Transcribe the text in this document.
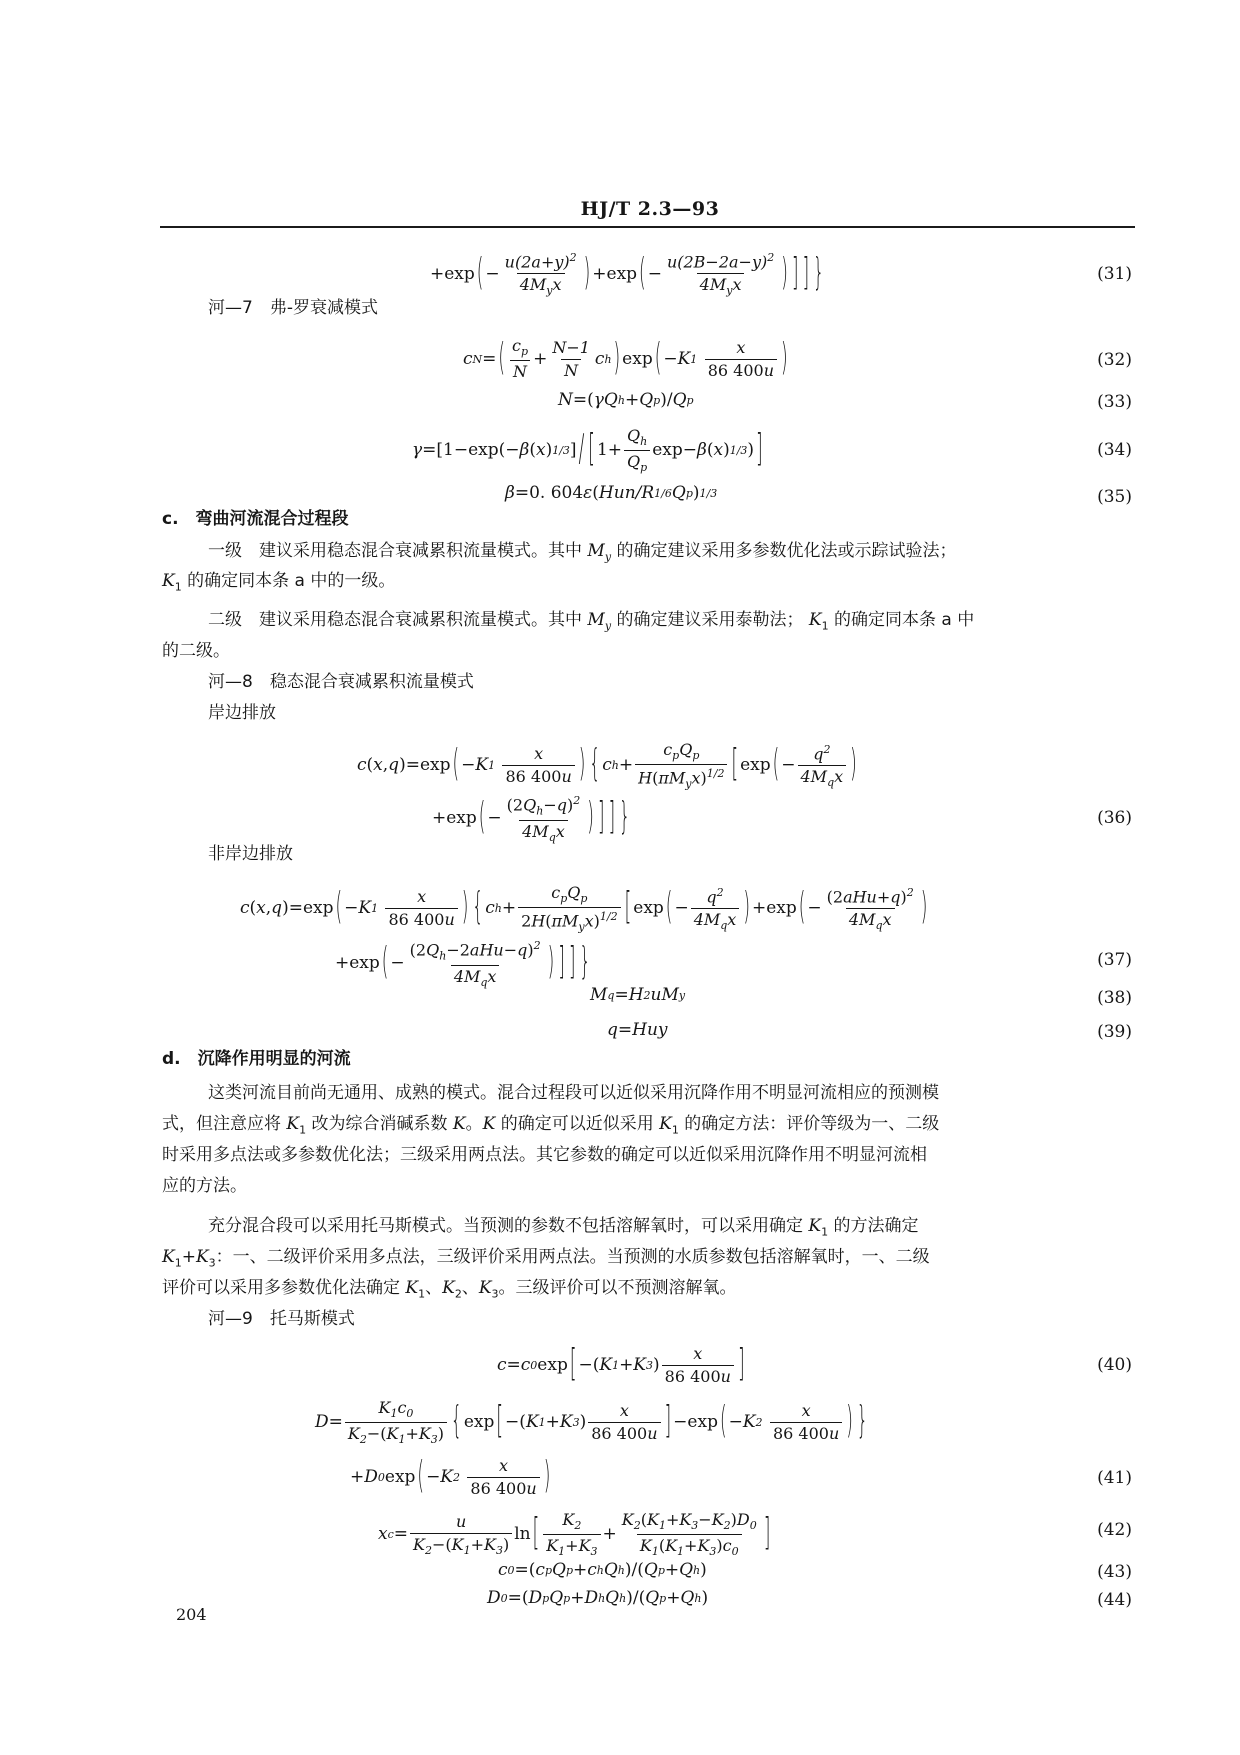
HJ/T 2.3—93
+exp ( − $\frac{u(2a+y)^2}{4M_yx}$ ) +exp ( − $\frac{u(2B-2a-y)^2}{4M_yx}$ ) ] ] }	(31)
河—7　弗-罗衰减模式
c N = ( $\frac{c_p}{N} + \frac{N-1}{N}$ c h ) exp ( −K 1
$\frac{x}{86 400u}$ )	(32)
N= ( γQ h +Q p )/ Q p	(33)
γ= [1−exp(− β ( x ) 1/3 ] / [ $1+ \frac{Q_h}{Q_p} \exp- \beta$ ( x ) 1/3 ) ]	(34)
β= 0. 604 ε ( Hun/R 1/6 Q p ) 1/3	(35)
c.　弯曲河流混合过程段
一级　建议采用稳态混合衰减累积流量模式。其中 $M_y$ 的确定建议采用多参数优化法或示踪试验法；
$K_1$ 的确定同本条 a 中的一级。
二级　建议采用稳态混合衰减累积流量模式。其中 $M_y$ 的确定建议采用泰勒法； $K_1$ 的确定同本条 a 中
的二级。
河—8　稳态混合衰减累积流量模式
岸边排放
c ( x , q )=exp ( −K 1
$\frac{x}{86 400u}$ ) { c $h + \frac{c_pQ_p}{H(\pi M_yx)^{1/2}}$ [ exp ( − $\frac{q^2}{4M_qx}$ )
+exp ( − $\frac{(2Q_h-q)^2}{4M_qx}$ ) ] ] }	(36)
非岸边排放
c ( x , q )=exp ( −K 1
$\frac{x}{86 400u}$ ) { c $h + \frac{c_pQ_p}{2H(\pi M_yx)^{1/2}}$ [ exp ( − $\frac{q^2}{4M_qx}$ ) +exp ( − $\frac{(2aHu+q)^2}{4M_qx}$ )
+exp ( − $\frac{(2Q_h-2aHu-q)^2}{4M_qx}$ ) ] ] }	(37)
M q =H 2 uM y	(38)
q=Huy	(39)
d.　沉降作用明显的河流
这类河流目前尚无通用、成熟的模式。混合过程段可以近似采用沉降作用不明显河流相应的预测模
式，但注意应将 $K_1$ 改为综合消碱系数 K。K 的确定可以近似采用 $K_1$ 的确定方法：评价等级为一、二级
时采用多点法或多参数优化法；三级采用两点法。其它参数的确定可以近似采用沉降作用不明显河流相
应的方法。
充分混合段可以采用托马斯模式。当预测的参数不包括溶解氧时，可以采用确定 $K_1$ 的方法确定
$K_1+K_3$：一、二级评价采用多点法，三级评价采用两点法。当预测的水质参数包括溶解氧时，一、二级
评价可以采用多参数优化法确定 $K_1$、$K_2$、$K_3$。三级评价可以不预测溶解氧。
河—9　托马斯模式
c=c 0 exp [ − ( K 1 +K 3 ) $\frac{x}{86 400u}$ ]	(40)
$D= \frac{K_1c_0}{K_2-(K_1+K_3)}$ { exp [ − ( K 1 +K 3 ) $\frac{x}{86 400u}$ ] −exp ( −K 2
$\frac{x}{86 400u}$ ) }
+ D 0 exp ( −K 2
$\frac{x}{86 400u}$ )	(41)
x $c = \frac{u}{K_2-(K_1+K_3)}$ ln [ $\frac{K_2}{K_1+K_3} + \frac{K_2(K_1+K_3-K_2)D_0}{K_1(K_1+K_3)c_0}$ ]	(42)
c 0 = ( c p Q p +c h Q h )/( Q p +Q h )	(43)
D 0 = ( D p Q p +D h Q h )/( Q p +Q h )	(44)
204
